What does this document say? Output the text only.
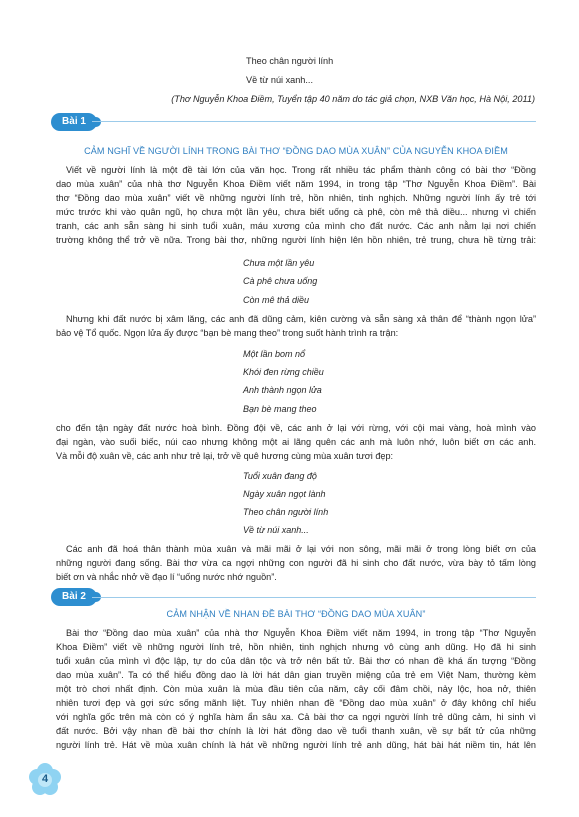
Theo chân người lính
Về từ núi xanh...
(Thơ Nguyễn Khoa Điềm, Tuyển tập 40 năm do tác giả chọn, NXB Văn học, Hà Nội, 2011)
Bài 1
CẢM NGHĨ VỀ NGƯỜI LÍNH TRONG BÀI THƠ “ĐỒNG DAO MÙA XUÂN” CỦA NGUYỄN KHOA ĐIỀM
Viết về người lính là một đề tài lớn của văn học. Trong rất nhiều tác phẩm thành công có bài thơ “Đồng
dao mùa xuân” của nhà thơ Nguyễn Khoa Điềm viết năm 1994, in trong tập “Thơ Nguyễn Khoa Điềm”. Bài
thơ “Đồng dao mùa xuân” viết về những người lính trẻ, hồn nhiên, tinh nghịch. Những người lính ấy trẻ tới
mức trước khi vào quân ngũ, họ chưa một lần yêu, chưa biết uống cà phê, còn mê thả diều... nhưng vì chiến
tranh, các anh sẵn sàng hi sinh tuổi xuân, máu xương của mình cho đất nước. Các anh nằm lại nơi chiến
trường không thể trở về nữa. Trong bài thơ, những người lính hiện lên hồn nhiên, trẻ trung, chưa hề từng trải:
Chưa một lần yêu
Cà phê chưa uống
Còn mê thả diều
Nhưng khi đất nước bị xâm lăng, các anh đã dũng cảm, kiên cường và sẵn sàng xả thân để “thành ngọn lửa”
bảo vệ Tổ quốc. Ngọn lửa ấy được “bạn bè mang theo” trong suốt hành trình ra trận:
Một lần bom nổ
Khói đen rừng chiều
Anh thành ngọn lửa
Bạn bè mang theo
cho đến tận ngày đất nước hoà bình. Đồng đội về, các anh ở lại với rừng, với cội mai vàng, hoà mình vào
đại ngàn, vào suối biếc, núi cao nhưng không một ai lãng quên các anh mà luôn nhớ, luôn biết ơn các anh.
Và mỗi độ xuân về, các anh như trẻ lại, trở về quê hương cùng mùa xuân tươi đẹp:
Tuổi xuân đang độ
Ngày xuân ngọt lành
Theo chân người lính
Về từ núi xanh...
Các anh đã hoá thân thành mùa xuân và mãi mãi ở lại với non sông, mãi mãi ở trong lòng biết ơn của
những người đang sống. Bài thơ vừa ca ngợi những con người đã hi sinh cho đất nước, vừa bày tỏ tấm lòng
biết ơn và nhắc nhở về đạo lí “uống nước nhớ nguồn”.
Bài 2
CẢM NHẬN VỀ NHAN ĐỀ BÀI THƠ “ĐỒNG DAO MÙA XUÂN”
Bài thơ “Đồng dao mùa xuân” của nhà thơ Nguyễn Khoa Điềm viết năm 1994, in trong tập “Thơ Nguyễn
Khoa Điềm” viết về những người lính trẻ, hồn nhiên, tinh nghịch nhưng vô cùng anh dũng. Họ đã hi sinh
tuổi xuân của mình vì độc lập, tự do của dân tộc và trở nên bất tử. Bài thơ có nhan đề khá ấn tượng “Đồng
dao mùa xuân”. Ta có thể hiểu đồng dao là lời hát dân gian truyền miệng của trẻ em Việt Nam, thường kèm
một trò chơi nhất định. Còn mùa xuân là mùa đầu tiên của năm, cây cối đâm chồi, nảy lộc, hoa nở, thiên
nhiên tươi đẹp và gợi sức sống mãnh liệt. Tuy nhiên nhan đề “Đồng dao mùa xuân” ở đây không chỉ hiểu
với nghĩa gốc trên mà còn có ý nghĩa hàm ẩn sâu xa. Cả bài thơ ca ngợi người lính trẻ dũng cảm, hi sinh vì
đất nước. Bởi vậy nhan đề bài thơ chính là lời hát đồng dao về tuổi thanh xuân, về sự bất tử của những
người lính trẻ. Hát về mùa xuân chính là hát về những người lính trẻ anh dũng, hát bài hát niềm tin, hát lên
4
